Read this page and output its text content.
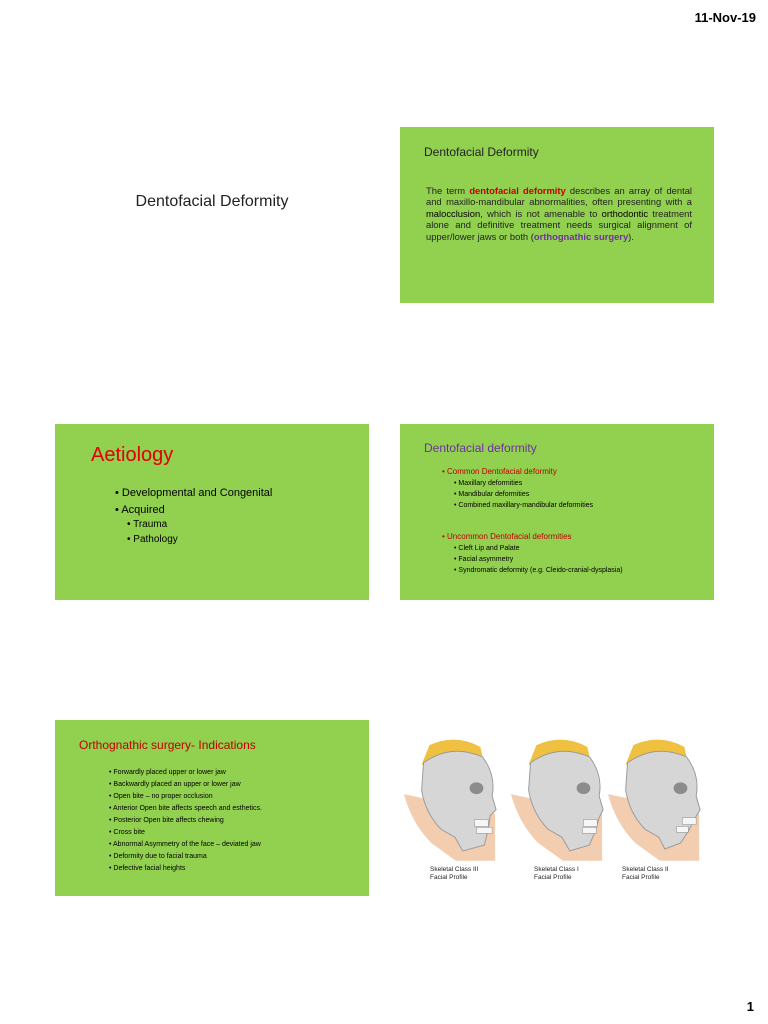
11-Nov-19
Dentofacial Deformity
Dentofacial Deformity
The term dentofacial deformity describes an array of dental and maxillo-mandibular abnormalities, often presenting with a malocclusion, which is not amenable to orthodontic treatment alone and definitive treatment needs surgical alignment of upper/lower jaws or both (orthognathic surgery).
Aetiology
• Developmental and Congenital
• Acquired
• Trauma
• Pathology
Dentofacial deformity
• Common Dentofacial deformity
• Maxillary deformities
• Mandibular deformities
• Combined maxillary-mandibular deformities
• Uncommon Dentofacial deformities
• Cleft Lip and Palate
• Facial asymmetry
• Syndromatic deformity (e.g. Cleido-cranial-dysplasia)
Orthognathic surgery- Indications
• Forwardly placed upper or lower jaw
• Backwardly placed an upper or lower jaw
• Open bite – no proper occlusion
• Anterior Open bite affects speech and esthetics.
• Posterior Open bite affects chewing
• Cross bite
• Abnormal Asymmetry of the face – deviated jaw
• Deformity due to facial trauma
• Defective facial heights	Skeletal Class III
Facial Profile
Skeletal Class I
Facial Profile
Skeletal Class II
Facial Profile
1
